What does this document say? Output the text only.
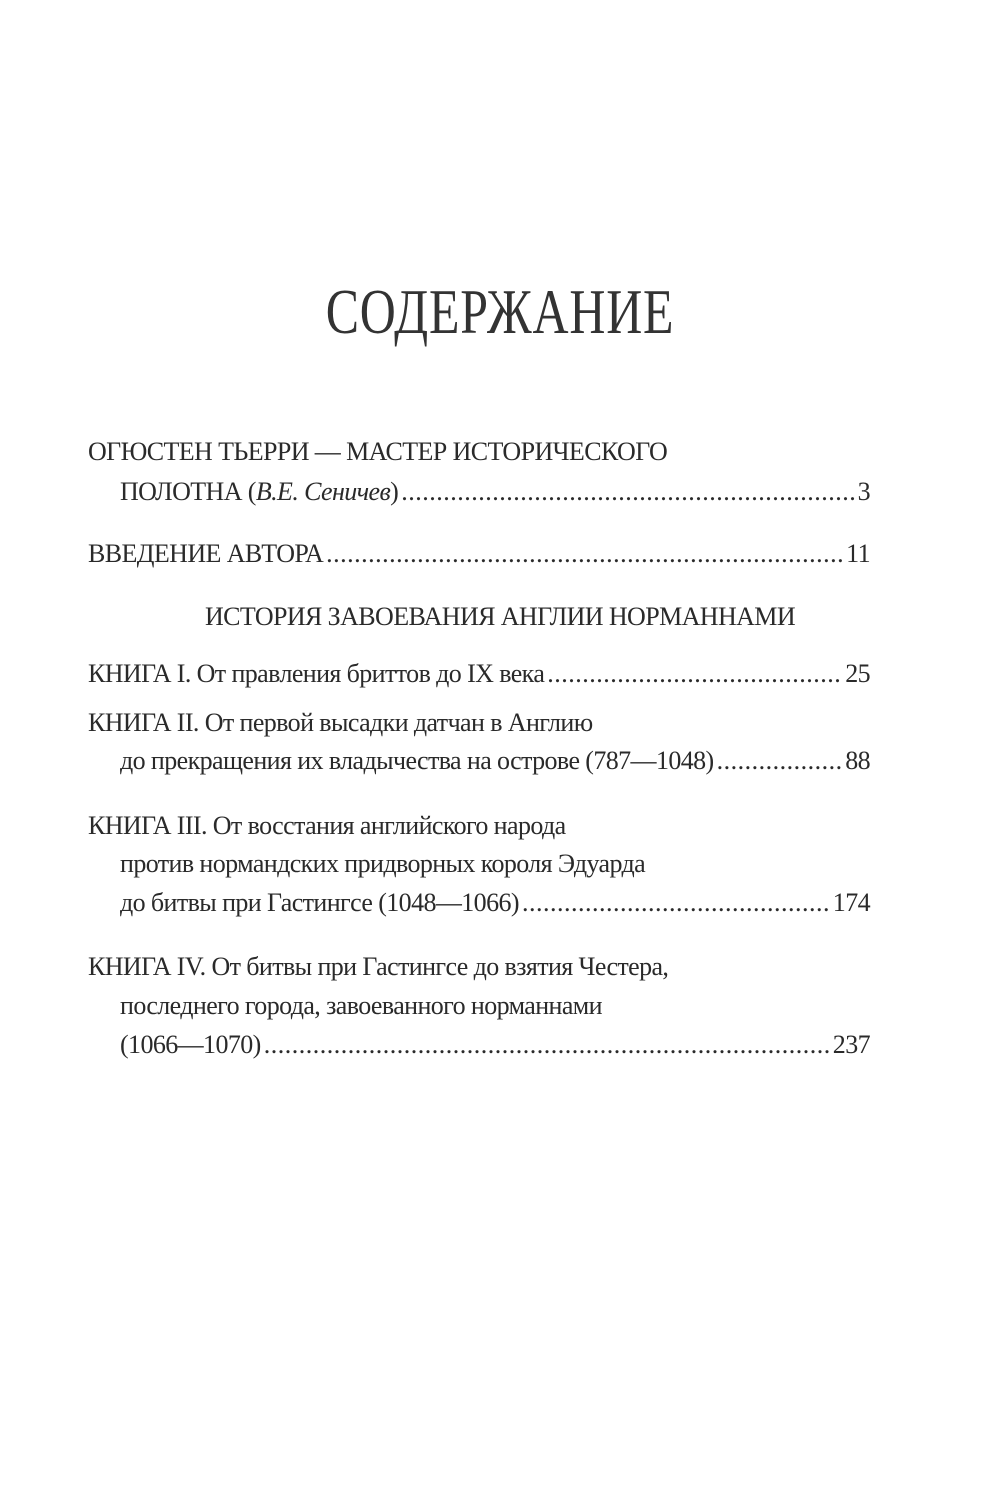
СОДЕРЖАНИЕ
ОГЮСТЕН ТЬЕРРИ — МАСТЕР ИСТОРИЧЕСКОГО
ПОЛОТНА (В.Е. Сеничев) .....	3
ВВЕДЕНИЕ АВТОРА .....	11
ИСТОРИЯ ЗАВОЕВАНИЯ АНГЛИИ НОРМАННАМИ
КНИГА I. От правления бриттов до IX века .....	25
КНИГА II. От первой высадки датчан в Англию
до прекращения их владычества на острове (787—1048) .....	88
КНИГА III. От восстания английского народа
против нормандских придворных короля Эдуарда
до битвы при Гастингсе (1048—1066) .....	174
КНИГА IV. От битвы при Гастингсе до взятия Честера,
последнего города, завоеванного норманнами
(1066—1070) .....	237
